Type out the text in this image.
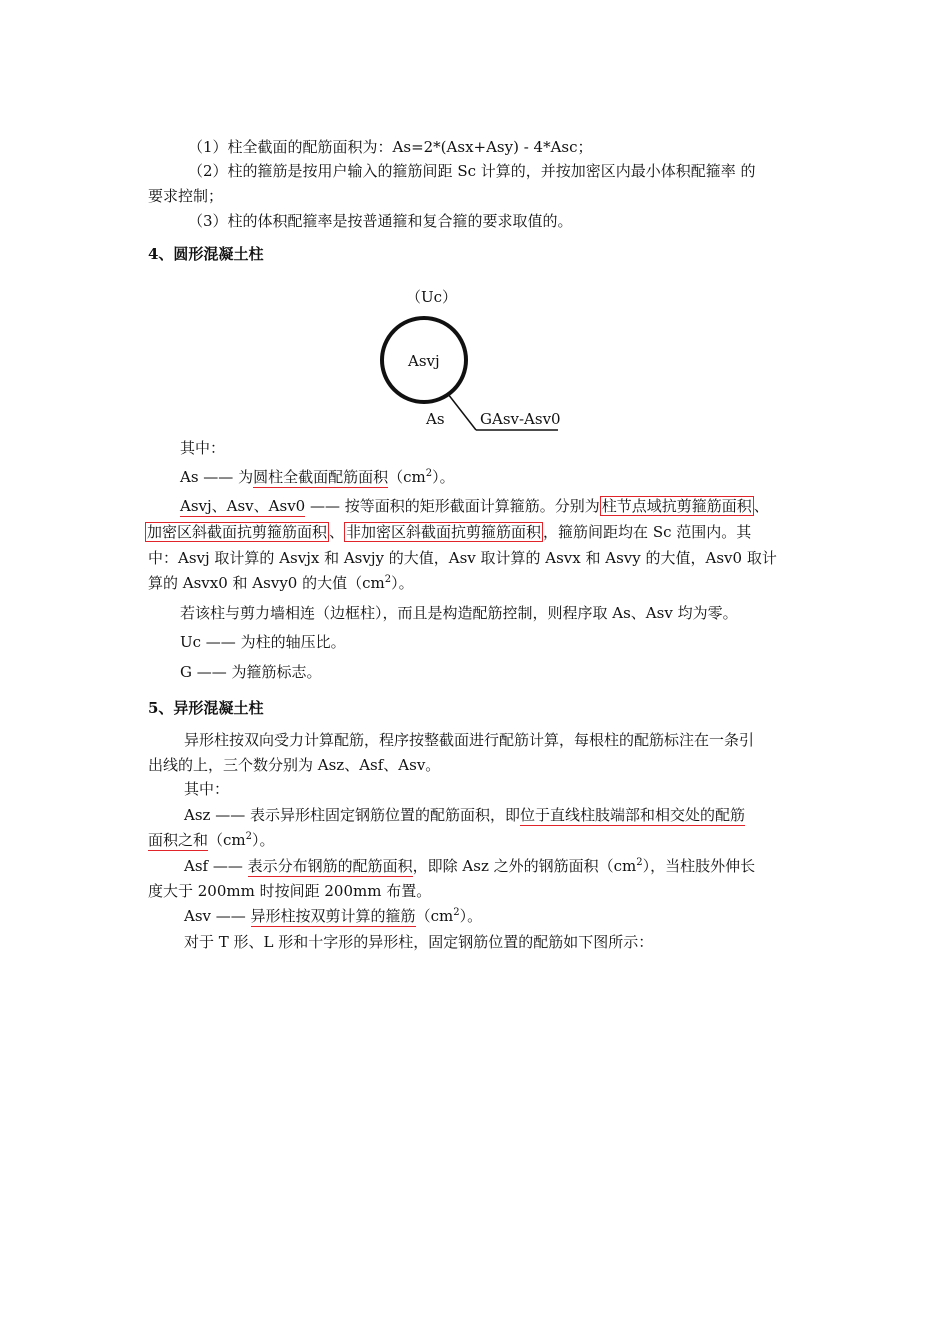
（1）柱全截面的配筋面积为：As=2*(Asx+Asy) - 4*Asc；
（2）柱的箍筋是按用户输入的箍筋间距 Sc 计算的，并按加密区内最小体积配箍率 的
要求控制；
（3）柱的体积配箍率是按普通箍和复合箍的要求取值的。
4、圆形混凝土柱
（Uc）
Asvj
As GAsv-Asv0
其中：
As —— 为圆柱全截面配筋面积$(cm^2)$。
Asvj、Asv、Asv0 —— 按等面积的矩形截面计算箍筋。分别为 柱节点域抗剪箍筋面积 、
加密区斜截面抗剪箍筋面积 、 非加密区斜截面抗剪箍筋面积 ，箍筋间距均在 Sc 范围内。其
中：Asvj 取计算的 Asvjx 和 Asvjy 的大值，Asv 取计算的 Asvx 和 Asvy 的大值，Asv0 取计
算的 Asvx0 和 Asvy0 的大值$(cm^2)$。
若该柱与剪力墙相连（边框柱），而且是构造配筋控制，则程序取 As、Asv 均为零。
Uc —— 为柱的轴压比。
G —— 为箍筋标志。
5、异形混凝土柱
异形柱按双向受力计算配筋，程序按整截面进行配筋计算，每根柱的配筋标注在一条引
出线的上，三个数分别为 Asz、Asf、Asv。
其中：
Asz —— 表示异形柱固定钢筋位置的配筋面积，即位于直线柱肢端部和相交处的配筋
面积之和$(cm^2)$。
Asf —— 表示分布钢筋的配筋面积，即除 Asz 之外的钢筋面积$(cm^2)$，当柱肢外伸长
度大于 200mm 时按间距 200mm 布置。
Asv —— 异形柱按双剪计算的箍筋$(cm^2)$。
对于 T 形、L 形和十字形的异形柱，固定钢筋位置的配筋如下图所示：
